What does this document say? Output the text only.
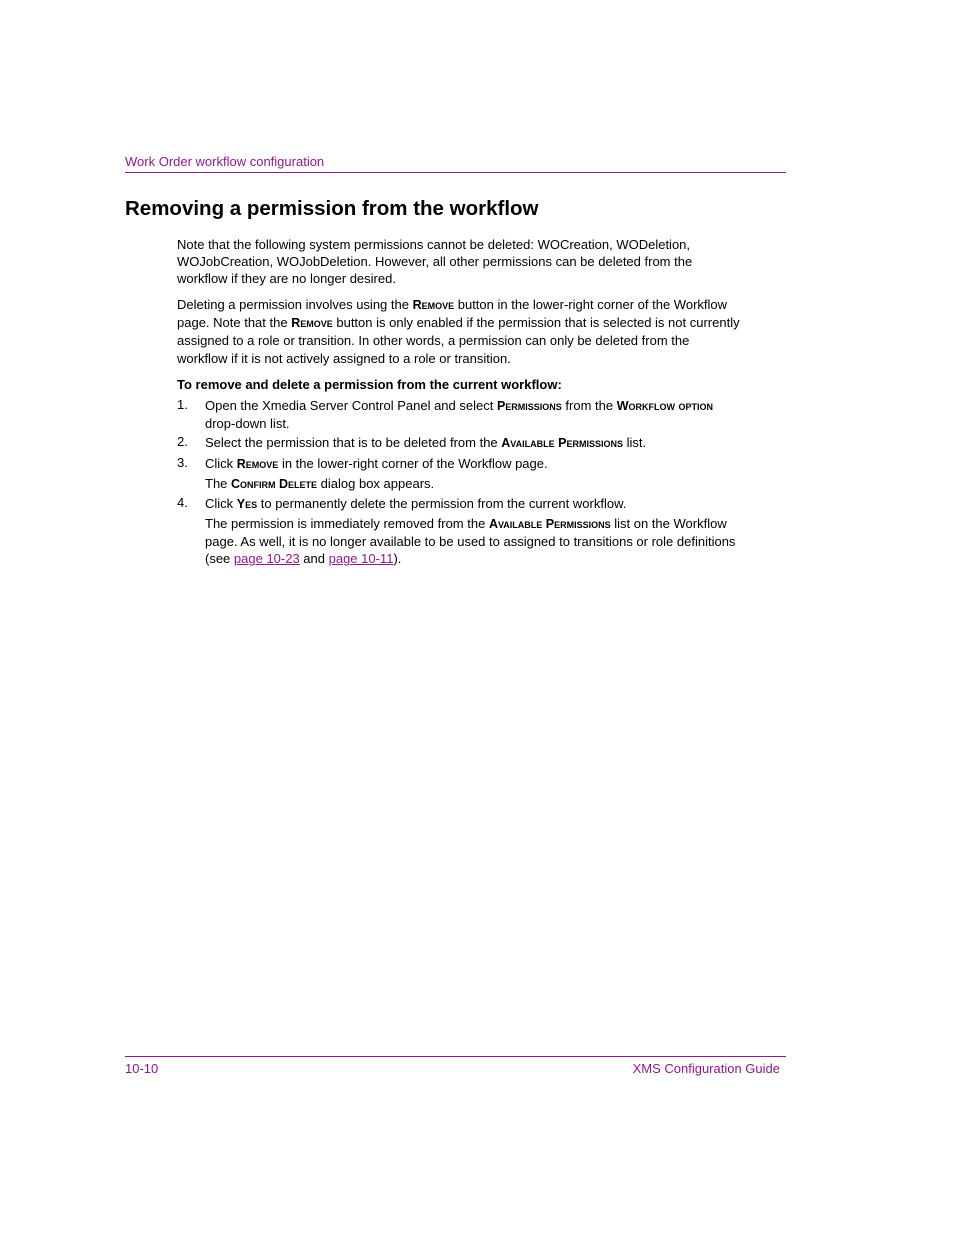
Work Order workflow configuration
Removing a permission from the workflow

Note that the following system permissions cannot be deleted: WOCreation, WODeletion, WOJobCreation, WOJobDeletion. However, all other permissions can be deleted from the workflow if they are no longer desired.

Deleting a permission involves using the Remove button in the lower-right corner of the Workflow page. Note that the Remove button is only enabled if the permission that is selected is not currently assigned to a role or transition. In other words, a permission can only be deleted from the workflow if it is not actively assigned to a role or transition.

To remove and delete a permission from the current workflow:
1. Open the Xmedia Server Control Panel and select Permissions from the Workflow option drop-down list.

2. Select the permission that is to be deleted from the Available Permissions list.

3. Click Remove in the lower-right corner of the Workflow page.

The Confirm Delete dialog box appears.

4. Click Yes to permanently delete the permission from the current workflow.

The permission is immediately removed from the Available Permissions list on the Workflow page. As well, it is no longer available to be used to assigned to transitions or role definitions (see page 10-23 and page 10-11).

10-10	XMS Configuration Guide
